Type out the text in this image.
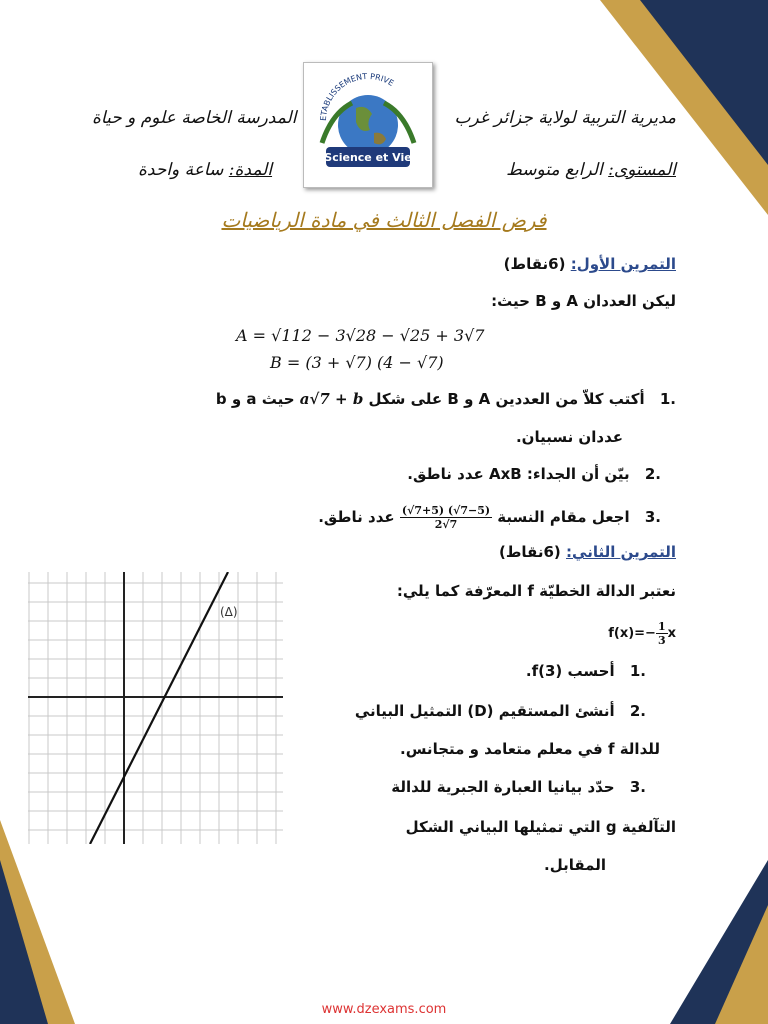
مديرية التربية لولاية جزائر غرب
المدرسة الخاصة علوم و حياة
المستوى: الرابع متوسط
المدة: ساعة واحدة
ETABLISSEMENT PRIVE
Science et Vie
فرض الفصل الثالث في مادة الرياضيات
التمرين الأول: (6نقاط)
ليكن العددان A و B حيث:
A = √112 − 3√28 − √25 + 3√7
B = (3 + √7) (4 − √7)
.1 أكتب كلاّ من العددين A و B على شكل a√7 + b حيث a و b
عددان نسبيان.
.2 بيّن أن الجداء: AxB عدد ناطق.
.3 اجعل مقام النسبة
$\frac{(√7+5) (√7-5)}{2√7}$
عدد ناطق.
التمرين الثاني: (6نقاط)
نعتبر الدالة الخطيّة f المعرّفة كما يلي:
$f(x)=- \frac{1}{3}$ x
.1 أحسب f(3).
.2 أنشئ المستقيم (D) التمثيل البياني
للدالة f في معلم متعامد و متجانس.
.3 حدّد بيانيا العبارة الجبرية للدالة
التآلفية g التي تمثيلها البياني الشكل
المقابل.
(Δ)
www.dzexams.com
